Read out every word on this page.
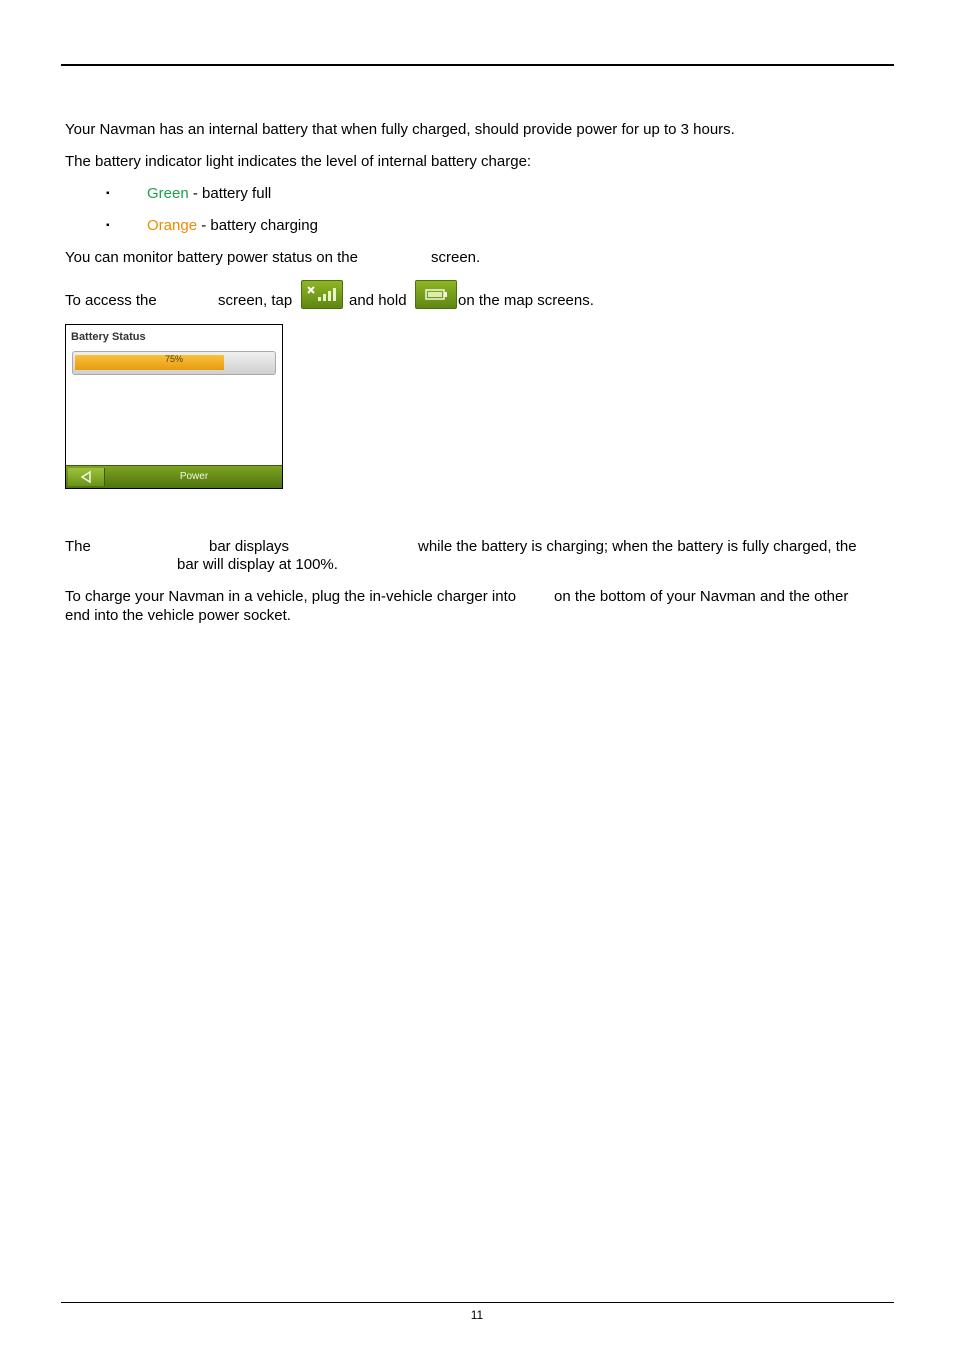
Your Navman has an internal battery that when fully charged, should provide power for up to 3 hours.
The battery indicator light indicates the level of internal battery charge:
▪ Green - battery full
▪ Orange - battery charging
You can monitor battery power status on the	screen.
To access the	screen, tap	and hold	on the map screens.
Battery Status
75%
Power
The	bar displays	while the battery is charging; when the battery is fully charged, the
bar will display at 100%.
To charge your Navman in a vehicle, plug the in-vehicle charger into	on the bottom of your Navman and the other
end into the vehicle power socket.
11
